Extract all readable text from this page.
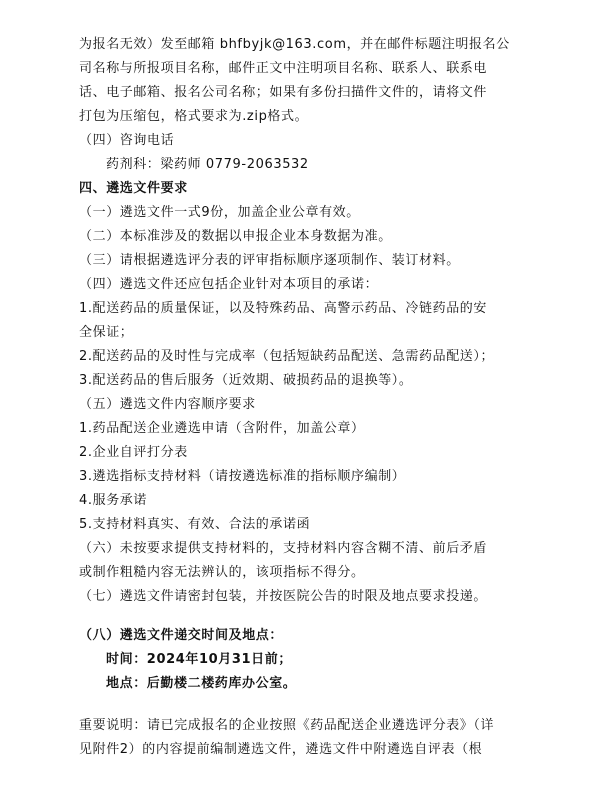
为报名无效）发至邮箱 bhfbyjk@163.com，并在邮件标题注明报名公
司名称与所报项目名称，邮件正文中注明项目名称、联系人、联系电
话、电子邮箱、报名公司名称；如果有多份扫描件文件的，请将文件
打包为压缩包，格式要求为.zip格式。
（四）咨询电话
药剂科：梁药师 0779-2063532
四、遴选文件要求
（一）遴选文件一式9份，加盖企业公章有效。
（二）本标准涉及的数据以申报企业本身数据为准。
（三）请根据遴选评分表的评审指标顺序逐项制作、装订材料。
（四）遴选文件还应包括企业针对本项目的承诺：
1.配送药品的质量保证，以及特殊药品、高警示药品、冷链药品的安
全保证；
2.配送药品的及时性与完成率（包括短缺药品配送、急需药品配送）；
3.配送药品的售后服务（近效期、破损药品的退换等）。
（五）遴选文件内容顺序要求
1.药品配送企业遴选申请（含附件，加盖公章）
2.企业自评打分表
3.遴选指标支持材料（请按遴选标准的指标顺序编制）
4.服务承诺
5.支持材料真实、有效、合法的承诺函
（六）未按要求提供支持材料的，支持材料内容含糊不清、前后矛盾
或制作粗糙内容无法辨认的，该项指标不得分。
（七）遴选文件请密封包装，并按医院公告的时限及地点要求投递。
（八）遴选文件递交时间及地点：
时间：2024年10月31日前；
地点：后勤楼二楼药库办公室。
重要说明：请已完成报名的企业按照《药品配送企业遴选评分表》（详
见附件2）的内容提前编制遴选文件，遴选文件中附遴选自评表（根
